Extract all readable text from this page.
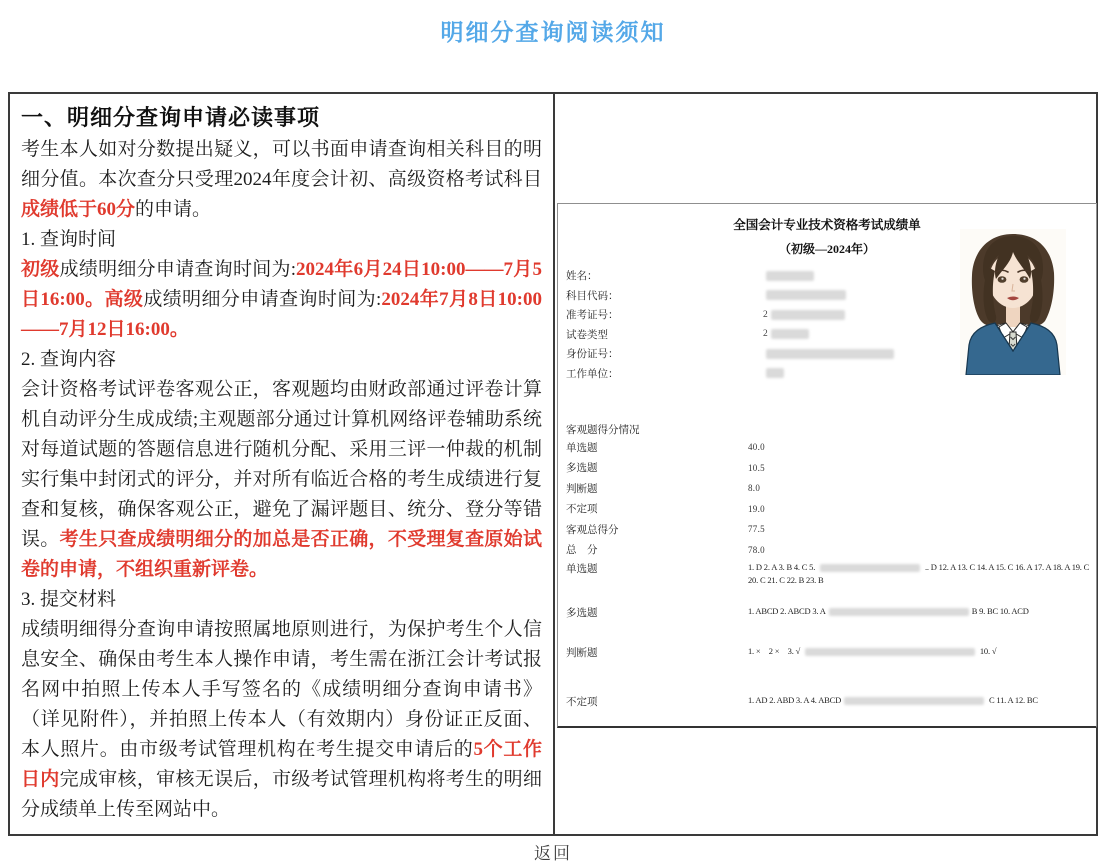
明细分查询阅读须知
一、明细分查询申请必读事项

考生本人如对分数提出疑义，可以书面申请查询相关科目的明细分值。本次查分只受理2024年度会计初、高级资格考试科目成绩低于60分的申请。

1. 查询时间

初级成绩明细分申请查询时间为:2024年6月24日10:00——7月5日16:00。高级成绩明细分申请查询时间为:2024年7月8日10:00——7月12日16:00。

2. 查询内容

会计资格考试评卷客观公正，客观题均由财政部通过评卷计算机自动评分生成成绩;主观题部分通过计算机网络评卷辅助系统对每道试题的答题信息进行随机分配、采用三评一仲裁的机制实行集中封闭式的评分，并对所有临近合格的考生成绩进行复查和复核，确保客观公正，避免了漏评题目、统分、登分等错误。考生只查成绩明细分的加总是否正确，不受理复查原始试卷的申请，不组织重新评卷。

3. 提交材料

成绩明细得分查询申请按照属地原则进行，为保护考生个人信息安全、确保由考生本人操作申请，考生需在浙江会计考试报名网中拍照上传本人手写签名的《成绩明细分查询申请书》（详见附件），并拍照上传本人（有效期内）身份证正反面、本人照片。由市级考试管理机构在考生提交申请后的5个工作日内完成审核，审核无误后，市级考试管理机构将考生的明细分成绩单上传至网站中。

全国会计专业技术资格考试成绩单
（初级—2024年）
姓名：
科目代码：
准考证号：	2
试卷类型	2
身份证号：
工作单位：
客观题得分情况
单选题	40.0
多选题	10.5
判断题	8.0
不定项	19.0
客观总得分	77.5
总　分	78.0
单选题	1. D 2. A 3. B 4. C 5.	.. D 12. A 13. C 14. A 15. C 16. A 17. A 18. A 19. C 20. C 21. C 22. B 23. B
多选题	1. ABCD 2. ABCD 3. A	B 9. BC 10. ACD
判断题	1. ×　2 ×　3. √	10. √
不定项	1. AD 2. ABD 3. A 4. ABCD	C 11. A 12. BC
返回
